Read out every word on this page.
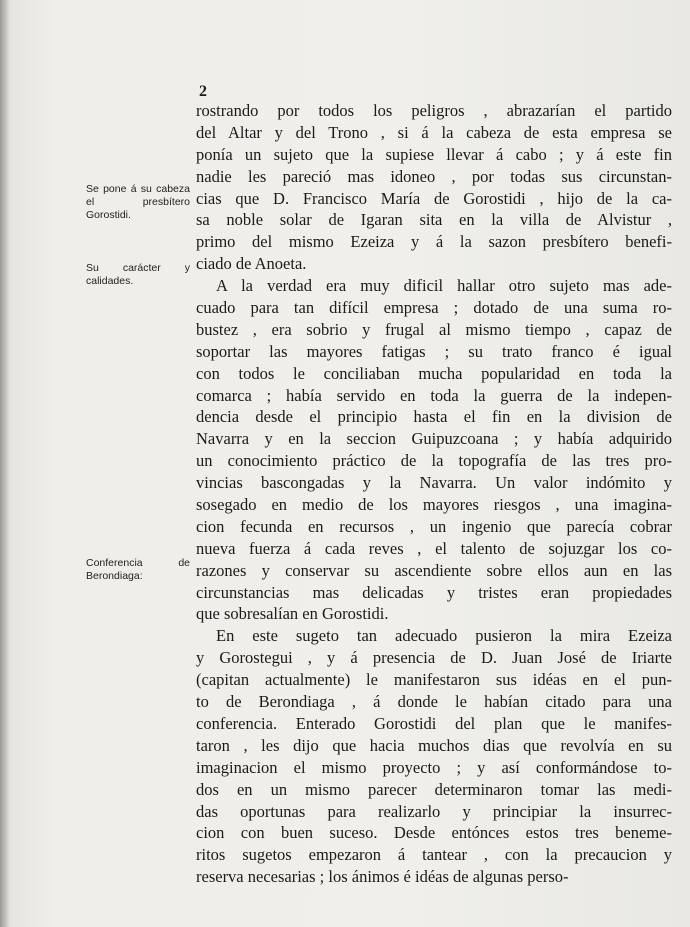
2
Se pone á su cabeza el presbítero Gorostidi.
Su carácter y calidades.
Conferencia de Berondiaga:
rostrando por todos los peligros , abrazarían el partido
del Altar y del Trono , si á la cabeza de esta empresa se
ponía un sujeto que la supiese llevar á cabo ; y á este fin
nadie les pareció mas idoneo , por todas sus circunstan-
cias que D. Francisco María de Gorostidi , hijo de la ca-
sa noble solar de Igaran sita en la villa de Alvistur ,
primo del mismo Ezeiza y á la sazon presbítero benefi-
ciado de Anoeta.
A la verdad era muy dificil hallar otro sujeto mas ade-
cuado para tan difícil empresa ; dotado de una suma ro-
bustez , era sobrio y frugal al mismo tiempo , capaz de
soportar las mayores fatigas ; su trato franco é igual
con todos le conciliaban mucha popularidad en toda la
comarca ; había servido en toda la guerra de la indepen-
dencia desde el principio hasta el fin en la division de
Navarra y en la seccion Guipuzcoana ; y había adquirido
un conocimiento práctico de la topografía de las tres pro-
vincias bascongadas y la Navarra. Un valor indómito y
sosegado en medio de los mayores riesgos , una imagina-
cion fecunda en recursos , un ingenio que parecía cobrar
nueva fuerza á cada reves , el talento de sojuzgar los co-
razones y conservar su ascendiente sobre ellos aun en las
circunstancias mas delicadas y tristes eran propiedades
que sobresalían en Gorostidi.
En este sugeto tan adecuado pusieron la mira Ezeiza
y Gorostegui , y á presencia de D. Juan José de Iriarte
(capitan actualmente) le manifestaron sus idéas en el pun-
to de Berondiaga , á donde le habían citado para una
conferencia. Enterado Gorostidi del plan que le manifes-
taron , les dijo que hacia muchos dias que revolvía en su
imaginacion el mismo proyecto ; y así conformándose to-
dos en un mismo parecer determinaron tomar las medi-
das oportunas para realizarlo y principiar la insurrec-
cion con buen suceso. Desde entónces estos tres beneme-
ritos sugetos empezaron á tantear , con la precaucion y
reserva necesarias ; los ánimos é idéas de algunas perso-
